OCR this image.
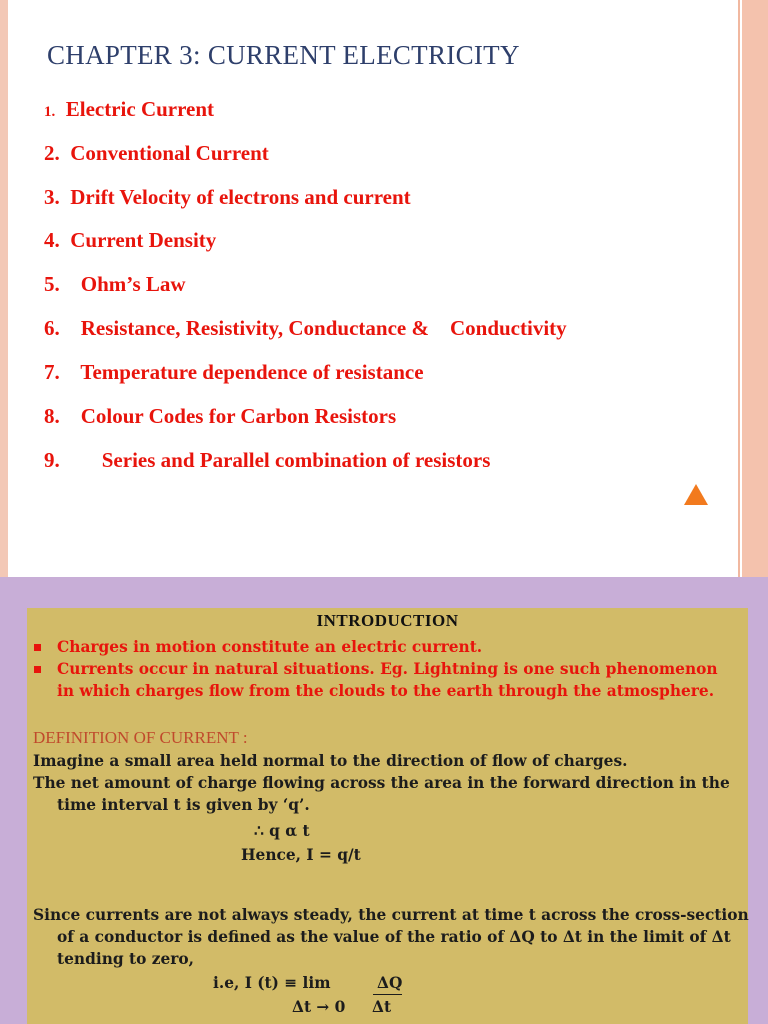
CHAPTER 3: CURRENT ELECTRICITY
1. Electric Current
2. Conventional Current
3. Drift Velocity of electrons and current
4. Current Density
5. Ohm’s Law
6. Resistance, Resistivity, Conductance &    Conductivity
7. Temperature dependence of resistance
8. Colour Codes for Carbon Resistors
9. Series and Parallel combination of resistors
INTRODUCTION
Charges in motion constitute an electric current.
Currents occur in natural situations. Eg. Lightning is one such phenomenon
in which charges flow from the clouds to the earth through the atmosphere.
DEFINITION OF CURRENT :
Imagine a small area held normal to the direction of flow of charges.
The net amount of charge flowing across the area in the forward direction in the
time interval t is given by ‘q’.
∴ q α t
Hence, I = q/t
Since currents are not always steady, the current at time t across the cross-section
of a conductor is defined as the value of the ratio of ΔQ to Δt in the limit of Δt
tending to zero,
i.e, I (t) ≡ lim	ΔQ
Δt → 0 Δt
